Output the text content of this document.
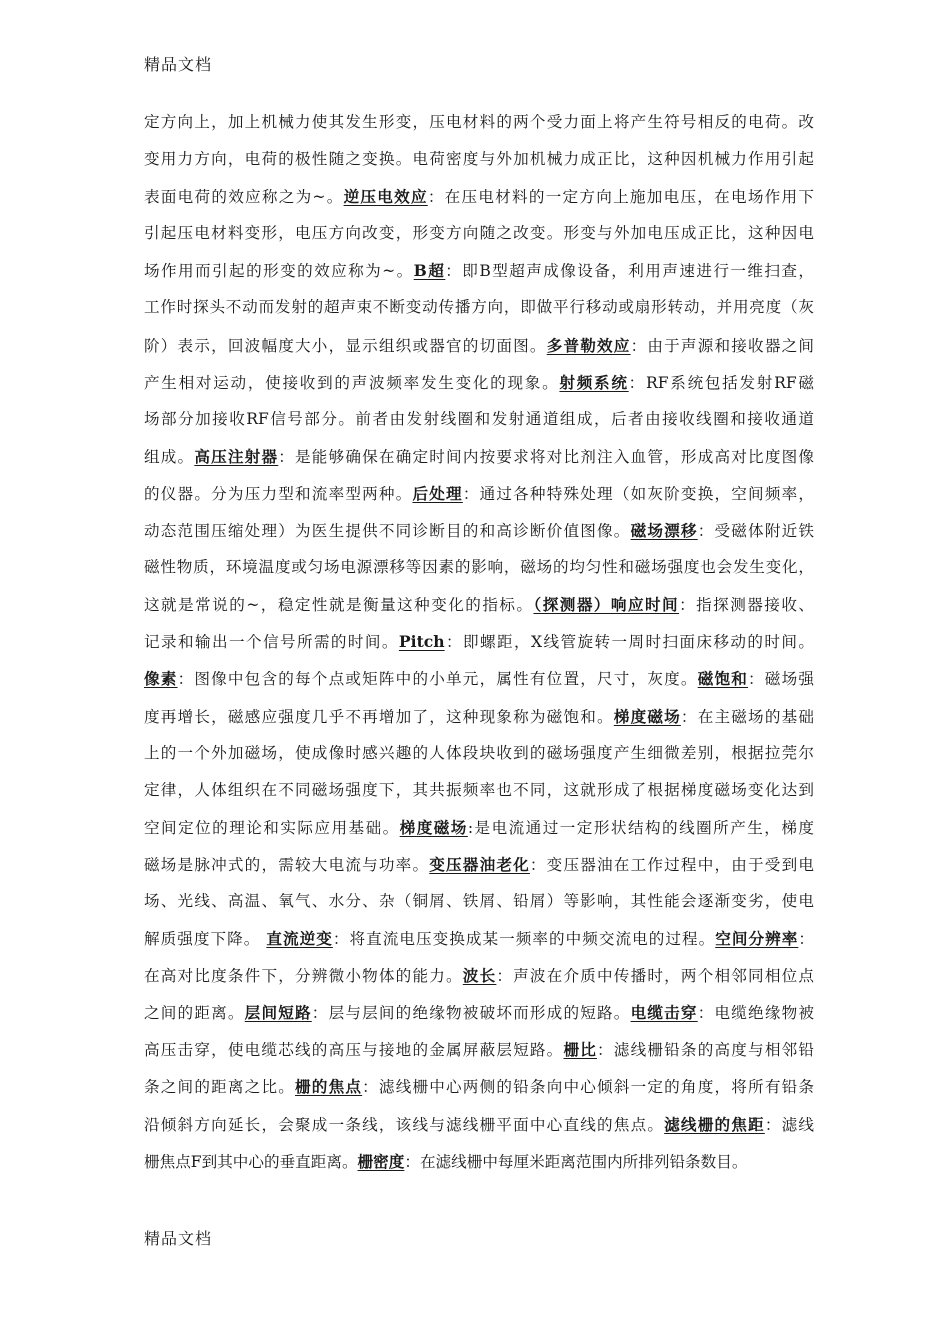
精品文档
定方向上，加上机械力使其发生形变，压电材料的两个受力面上将产生符号相反的电荷。改
变用力方向，电荷的极性随之变换。电荷密度与外加机械力成正比，这种因机械力作用引起
表面电荷的效应称之为~。逆压电效应：在压电材料的一定方向上施加电压，在电场作用下
引起压电材料变形，电压方向改变，形变方向随之改变。形变与外加电压成正比，这种因电
场作用而引起的形变的效应称为~。B超：即B型超声成像设备，利用声速进行一维扫查，
工作时探头不动而发射的超声束不断变动传播方向，即做平行移动或扇形转动，并用亮度（灰
阶）表示，回波幅度大小，显示组织或器官的切面图。多普勒效应：由于声源和接收器之间
产生相对运动，使接收到的声波频率发生变化的现象。射频系统：RF系统包括发射RF磁
场部分加接收RF信号部分。前者由发射线圈和发射通道组成，后者由接收线圈和接收通道
组成。高压注射器：是能够确保在确定时间内按要求将对比剂注入血管，形成高对比度图像
的仪器。分为压力型和流率型两种。后处理：通过各种特殊处理（如灰阶变换，空间频率，
动态范围压缩处理）为医生提供不同诊断目的和高诊断价值图像。磁场漂移：受磁体附近铁
磁性物质，环境温度或匀场电源漂移等因素的影响，磁场的均匀性和磁场强度也会发生变化，
这就是常说的~，稳定性就是衡量这种变化的指标。（探测器）响应时间：指探测器接收、
记录和输出一个信号所需的时间。Pitch：即螺距，X线管旋转一周时扫面床移动的时间。
像素：图像中包含的每个点或矩阵中的小单元，属性有位置，尺寸，灰度。磁饱和：磁场强
度再增长，磁感应强度几乎不再增加了，这种现象称为磁饱和。梯度磁场：在主磁场的基础
上的一个外加磁场，使成像时感兴趣的人体段块收到的磁场强度产生细微差别，根据拉莞尔
定律，人体组织在不同磁场强度下，其共振频率也不同，这就形成了根据梯度磁场变化达到
空间定位的理论和实际应用基础。梯度磁场:是电流通过一定形状结构的线圈所产生，梯度
磁场是脉冲式的，需较大电流与功率。变压器油老化：变压器油在工作过程中，由于受到电
场、光线、高温、氧气、水分、杂（铜屑、铁屑、铅屑）等影响，其性能会逐渐变劣，使电
解质强度下降。 直流逆变：将直流电压变换成某一频率的中频交流电的过程。空间分辨率：
在高对比度条件下，分辨微小物体的能力。波长：声波在介质中传播时，两个相邻同相位点
之间的距离。层间短路：层与层间的绝缘物被破坏而形成的短路。电缆击穿：电缆绝缘物被
高压击穿，使电缆芯线的高压与接地的金属屏蔽层短路。栅比：滤线栅铅条的高度与相邻铅
条之间的距离之比。栅的焦点：滤线栅中心两侧的铅条向中心倾斜一定的角度，将所有铅条
沿倾斜方向延长，会聚成一条线，该线与滤线栅平面中心直线的焦点。滤线栅的焦距：滤线
栅焦点F到其中心的垂直距离。栅密度：在滤线栅中每厘米距离范围内所排列铅条数目。
精品文档
